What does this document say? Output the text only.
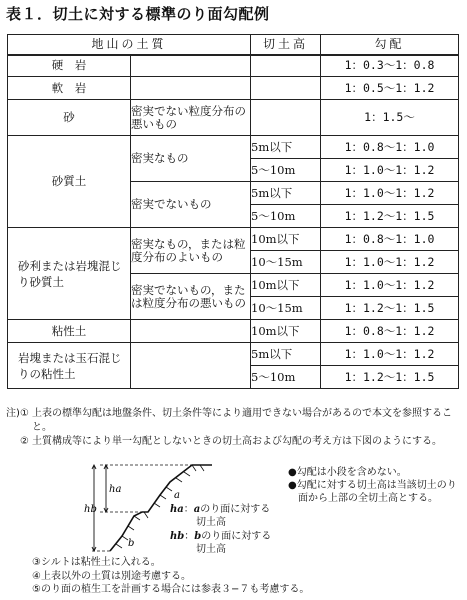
表１．切土に対する標準のり面勾配例
地山の土質		切土高	勾配
硬　岩			1：0.3〜1：0.8
軟　岩			1：0.5〜1：1.2
砂	密実でない粒度分布の悪いもの		1：1.5〜
砂質土	密実なもの	5m以下	1：0.8〜1：1.0
		5〜10m	1：1.0〜1：1.2
	密実でないもの	5m以下	1：1.0〜1：1.2
		5〜10m	1：1.2〜1：1.5
砂利または岩塊混じり砂質土	密実なもの，または粒度分布のよいもの	10m以下	1：0.8〜1：1.0
		10〜15m	1：1.0〜1：1.2
	密実でないもの，または粒度分布の悪いもの	10m以下	1：1.0〜1：1.2
		10〜15m	1：1.2〜1：1.5
粘性土		10m以下	1：0.8〜1：1.2
岩塊または玉石混じりの粘性土		5m以下	1：1.0〜1：1.2
		5〜10m	1：1.2〜1：1.5
注) ① 上表の標準勾配は地盤条件、切土条件等により適用できない場合があるので本文を参照すること。
② 土質構成等により単一勾配としないときの切土高および勾配の考え方は下図のようにする。
ha
hb
a
b
ha：aのり面に対する
切土高
hb：bのり面に対する
切土高
●勾配は小段を含めない。
●勾配に対する切土高は当該切土のり面から上部の全切土高とする。
③シルトは粘性土に入れる。
④上表以外の土質は別途考慮する。
⑤のり面の植生工を計画する場合には参表３−７も考慮する。
